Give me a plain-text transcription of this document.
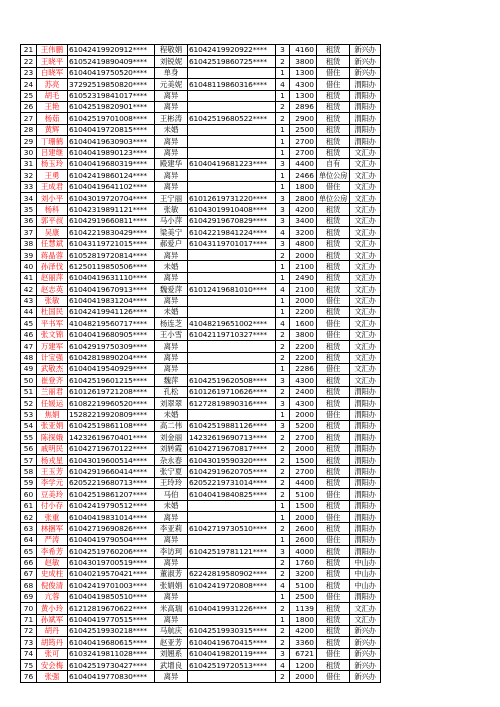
21	王伟鹏	61042419920912****	程敬娟	61042419920922****	3	4160	租赁	新兴办
22	王晓平	61052419890409****	刘锐妮	61042519860725****	2	3800	租赁	新兴办
23	白晓军	61040419750520****	单身		1	1300	借住	新兴办
24	苏亮	37292519850820****	元美妮	61048119860316****	4	4300	借住	渭阳办
25	胡毛	61052319841017****	离异		1	1300	租赁	渭阳办
26	王艳	61042519820901****	离异		2	2896	租赁	渭阳办
27	杨茹	61042519701008****	王彬涛	61042519680522****	2	2900	租赁	渭阳办
28	黄辉	61040419720815****	未婚		1	2500	租赁	渭阳办
29	丁珊鹤	61040419630903****	离异		1	2700	租赁	渭阳办
30	吕建继	61040419890123****	离异		1	2700	租赁	文汇办
31	杨玉玲	61040419680319****	殿建华	61040419681223****	3	4400	自有	文汇办
32	王勇	61042419860124****	离异		1	2466	单位公房	文汇办
33	王成君	61040419641102****	离异		1	1800	借住	文汇办
34	刘小平	61043019720704****	王宁丽	61012619731220****	3	2800	单位公房	文汇办
35	杨科	61042319891121****	张敏	61043019910408****	3	4200	租赁	文汇办
36	郭平叔	61042919660811****	马小萍	61042919670829****	3	3400	租赁	文汇办
37	吴康	61042219830429****	梁美宁	61042219841224****	4	3200	租赁	文汇办
38	任慧斌	61043119721015****	郝爱户	61043119701017****	3	4800	租赁	文汇办
39	蒋晶蓉	61052819720814****	离异		2	2000	租赁	文汇办
40	孙泽伐	61250119850506****	未婚		1	2100	租赁	文汇办
41	赵丽萍	61040419631110****	离异		1	2490	租赁	文汇办
42	赵志英	61040419670913****	魏爱萍	61012419681010****	4	2100	租赁	文汇办
43	张敏	61040419831204****	离异		1	2000	借住	文汇办
44	杜国民	61042419941126****	未婚		1	2200	租赁	文汇办
45	平书军	41048219560717****	杨连芝	41048219651002****	4	1600	借住	文汇办
46	张文锦	61040419680905****	王小雪	61042119710327****	2	3800	借住	文汇办
47	万建军	61042919750309****	离异		2	2200	租赁	文汇办
48	计宝强	61042819890204****	离异		2	2200	租赁	文汇办
49	武敬杰	61040419540929****	离异		1	2286	借住	文汇办
50	崔登齐	61042519601215****	魏萍	61042519620508****	3	4300	租赁	文汇办
51	兰丽君	61012619721208****	孔松	61012619710626****	2	2400	租赁	渭阳办
52	任媛运	61082219960520****	刘翠翠	61272819890316****	3	4300	租赁	渭阳办
53	焦娟	15282219920809****	未婚		1	2000	借住	渭阳办
54	张亚娟	61042519861108****	高二伟	61042519881126****	3	5200	租赁	渭阳办
55	陈探娥	14232619670401****	刘金丽	14232619690713****	2	2700	租赁	渭阳办
56	戚明民	61042719670122****	刘转霞	61042719670817****	2	2000	租赁	渭阳办
57	杨戎星	61043019600514****	杂永春	61043019590320****	2	1500	租赁	渭阳办
58	王玉芳	61042919660414****	张宁夏	61042919620705****	2	2700	租赁	渭阳办
59	李学元	62052219680713****	王玲玲	62052219731014****	2	4400	租赁	渭阳办
60	豆美玲	61042519861207****	马伯	61040419840825****	2	5100	借住	渭阳办
61	付小存	61042419790512****	未婚		1	1500	租赁	渭阳办
62	张重	61040419831014****	离异		1	2000	借住	渭阳办
63	林捆军	61042719690826****	李亚莉	61042719730510****	2	2600	租赁	渭阳办
64	严涛	61040419790504****	离异		1	2600	借住	渭阳办
65	李希芳	61042519760206****	李访珂	61042519781121****	3	4000	租赁	渭阳办
66	赵敏	61043019700519****	离异		2	1760	租赁	中山办
67	史成柱	61040219570421****	董淑芳	62242819580902****	2	3200	租赁	中山办
68	倪俊清	61042419701003****	张娟娟	61042419720808****	4	5100	租赁	中山办
69	亢蓉	61040419850510****	离异		1	2500	借住	渭阳办
70	黄小玲	61212819670622****	米高瑞	61040419931226****	2	1139	租赁	文汇办
71	孙斌军	61040419770515****	离异		1	1800	租赁	文汇办
72	胡丹	61042519930218****	马航庆	61042519930315****	2	4200	租赁	新兴办
73	胡筠丹	61040419680615****	赵亚芳	61040419670415****	2	3360	租赁	新兴办
74	张可	61032419811028****	刘翘系	61040419820119****	3	6721	借住	新兴办
75	安会梅	61042519730427****	武增良	61042519720513****	4	1200	租赁	新兴办
76	张强	61040419770830****	离异		2	2000	借住	新兴办
